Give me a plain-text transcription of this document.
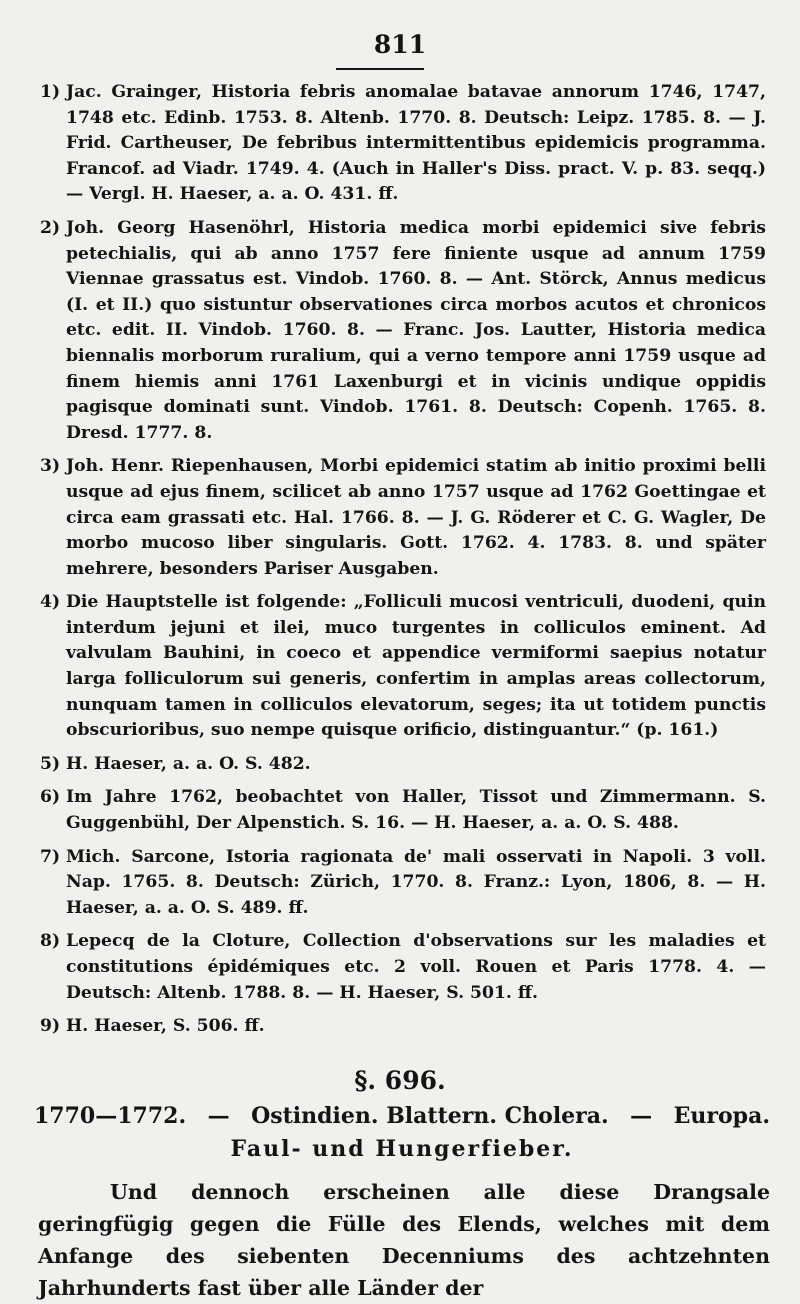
811
1) Jac. Grainger, Historia febris anomalae batavae annorum 1746, 1747, 1748 etc. Edinb. 1753. 8. Altenb. 1770. 8. Deutsch: Leipz. 1785. 8. — J. Frid. Cartheuser, De febribus intermittentibus epidemicis programma. Francof. ad Viadr. 1749. 4. (Auch in Haller's Diss. pract. V. p. 83. seqq.) — Vergl. H. Haeser, a. a. O. 431. ff.
2) Joh. Georg Hasenöhrl, Historia medica morbi epidemici sive febris petechialis, qui ab anno 1757 fere finiente usque ad annum 1759 Viennae grassatus est. Vindob. 1760. 8. — Ant. Störck, Annus medicus (I. et II.) quo sistuntur observationes circa morbos acutos et chronicos etc. edit. II. Vindob. 1760. 8. — Franc. Jos. Lautter, Historia medica biennalis morborum ruralium, qui a verno tempore anni 1759 usque ad finem hiemis anni 1761 Laxenburgi et in vicinis undique oppidis pagisque dominati sunt. Vindob. 1761. 8. Deutsch: Copenh. 1765. 8. Dresd. 1777. 8.
3) Joh. Henr. Riepenhausen, Morbi epidemici statim ab initio proximi belli usque ad ejus finem, scilicet ab anno 1757 usque ad 1762 Goettingae et circa eam grassati etc. Hal. 1766. 8. — J. G. Röderer et C. G. Wagler, De morbo mucoso liber singularis. Gott. 1762. 4. 1783. 8. und später mehrere, besonders Pariser Ausgaben.
4) Die Hauptstelle ist folgende: „Folliculi mucosi ventriculi, duodeni, quin interdum jejuni et ilei, muco turgentes in colliculos eminent. Ad valvulam Bauhini, in coeco et appendice vermiformi saepius notatur larga folliculorum sui generis, confertim in amplas areas collectorum, nunquam tamen in colliculos elevatorum, seges; ita ut totidem punctis obscurioribus, suo nempe quisque orificio, distinguantur.“ (p. 161.)
5) H. Haeser, a. a. O. S. 482.
6) Im Jahre 1762, beobachtet von Haller, Tissot und Zimmermann. S. Guggenbühl, Der Alpenstich. S. 16. — H. Haeser, a. a. O. S. 488.
7) Mich. Sarcone, Istoria ragionata de' mali osservati in Napoli. 3 voll. Nap. 1765. 8. Deutsch: Zürich, 1770. 8. Franz.: Lyon, 1806, 8. — H. Haeser, a. a. O. S. 489. ff.
8) Lepecq de la Cloture, Collection d'observations sur les maladies et constitutions épidémiques etc. 2 voll. Rouen et Paris 1778. 4. — Deutsch: Altenb. 1788. 8. — H. Haeser, S. 501. ff.
9) H. Haeser, S. 506. ff.
§. 696.
1770—1772. — Ostindien. Blattern. Cholera. — Europa.
Faul- und Hungerfieber.
Und dennoch erscheinen alle diese Drangsale geringfügig gegen die Fülle des Elends, welches mit dem Anfange des siebenten Decenniums des achtzehnten Jahrhunderts fast über alle Länder der
